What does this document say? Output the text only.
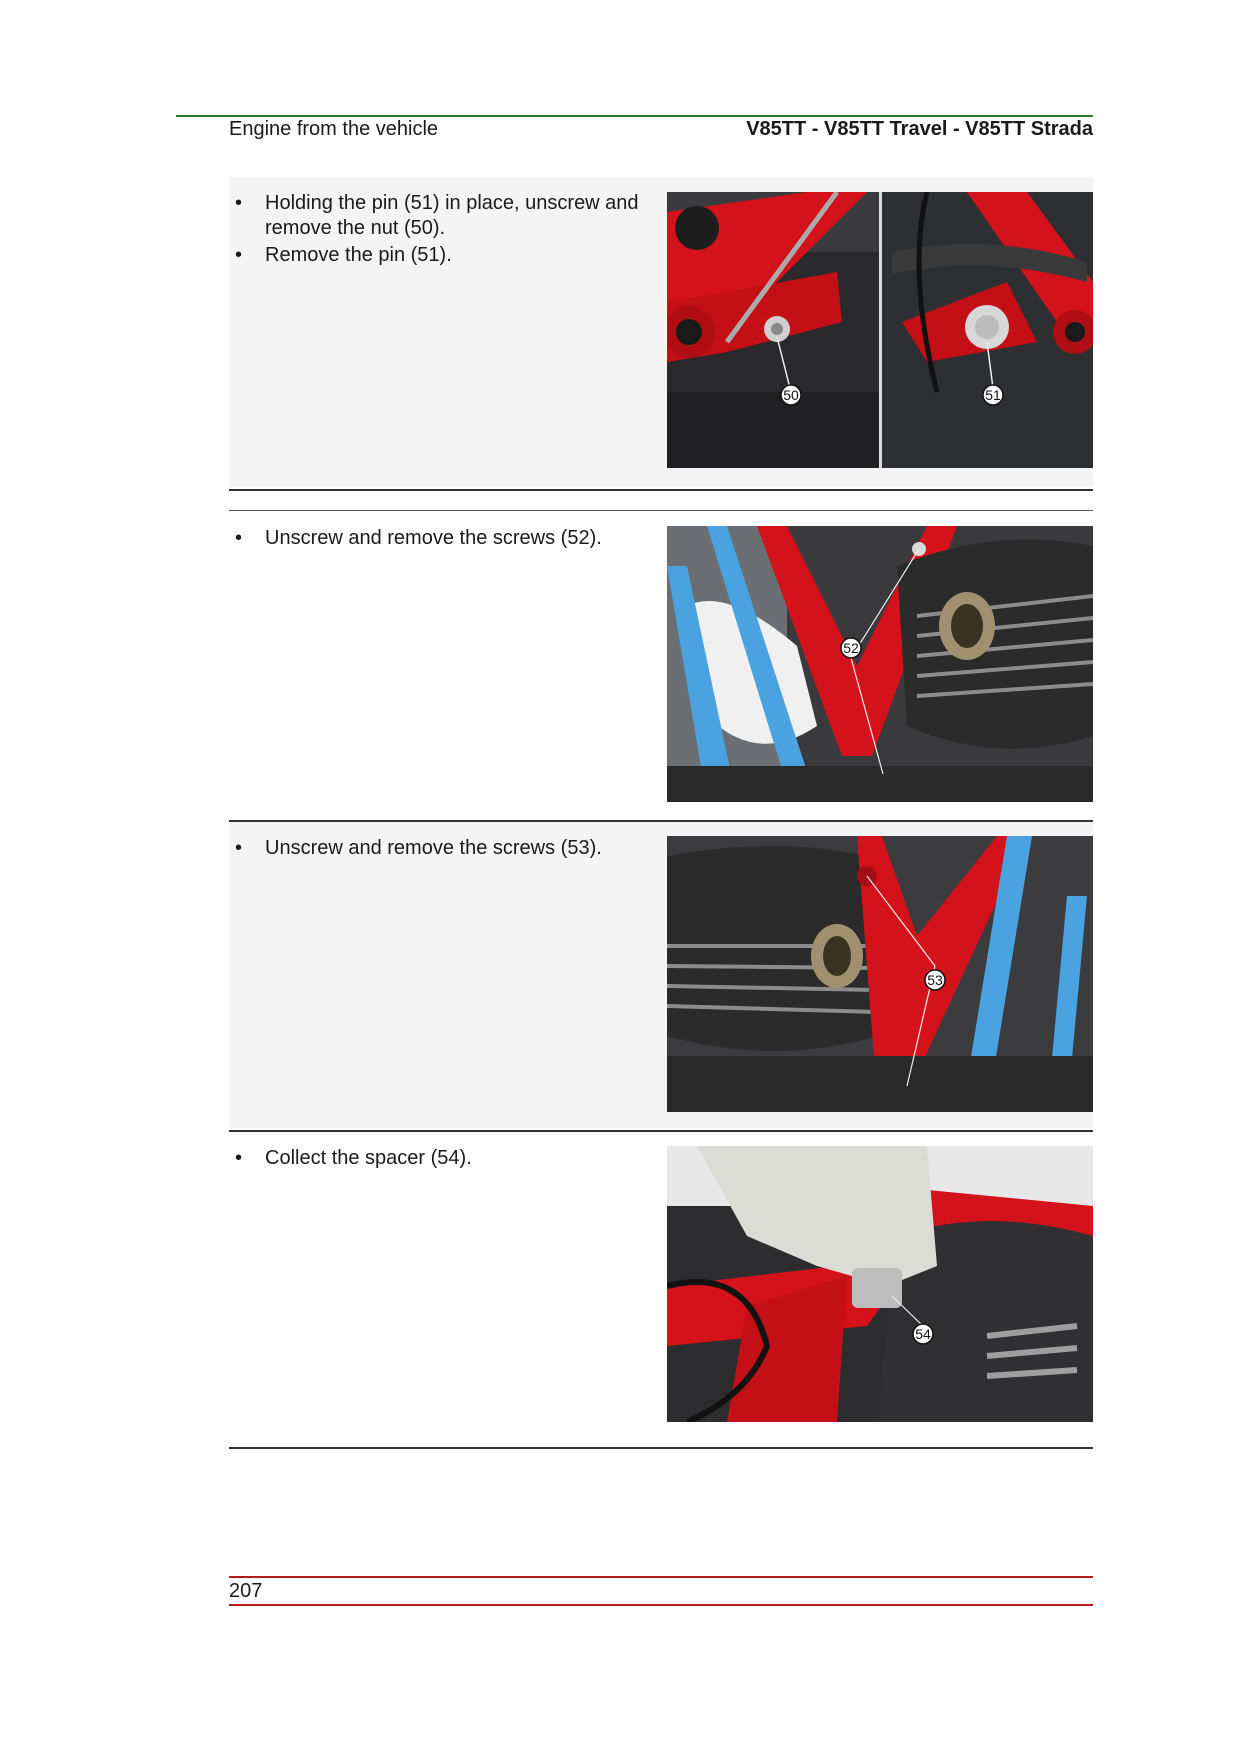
Engine from the vehicle	V85TT - V85TT Travel - V85TT Strada
• Holding the pin (51) in place, unscrew and remove the nut (50).
• Remove the pin (51).
50	51
• Unscrew and remove the screws (52).
52
• Unscrew and remove the screws (53).
53
• Collect the spacer (54).
54
207
